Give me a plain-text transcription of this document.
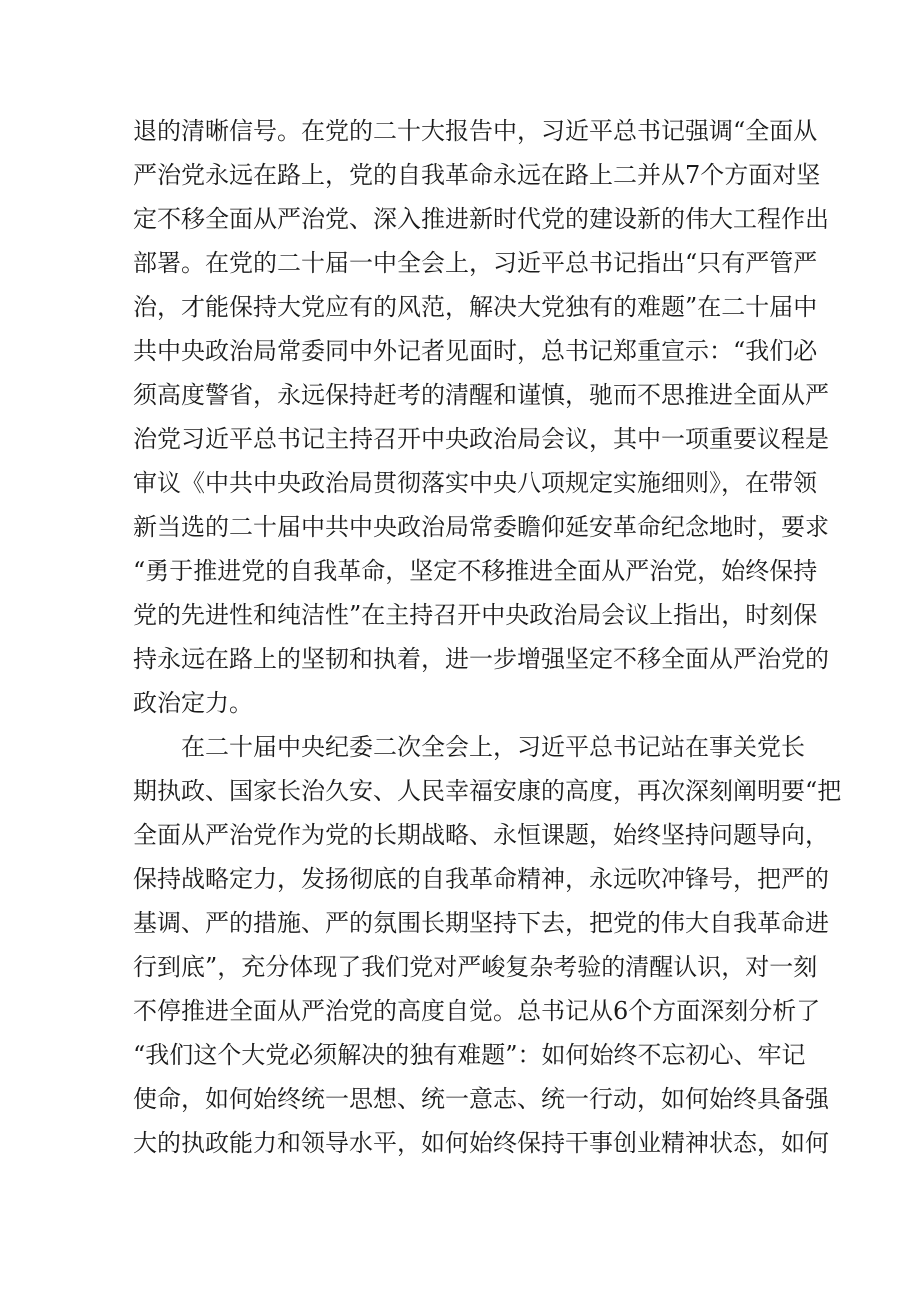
退的清晰信号。在党的二十大报告中，习近平总书记强调“全面从
严治党永远在路上，党的自我革命永远在路上二并从7个方面对坚
定不移全面从严治党、深入推进新时代党的建设新的伟大工程作出
部署。在党的二十届一中全会上，习近平总书记指出“只有严管严
治，才能保持大党应有的风范，解决大党独有的难题”在二十届中
共中央政治局常委同中外记者见面时，总书记郑重宣示：“我们必
须高度警省，永远保持赶考的清醒和谨慎，驰而不思推进全面从严
治党习近平总书记主持召开中央政治局会议，其中一项重要议程是
审议《中共中央政治局贯彻落实中央八项规定实施细则》，在带领
新当选的二十届中共中央政治局常委瞻仰延安革命纪念地时，要求
“勇于推进党的自我革命，坚定不移推进全面从严治党，始终保持
党的先进性和纯洁性”在主持召开中央政治局会议上指出，时刻保
持永远在路上的坚韧和执着，进一步增强坚定不移全面从严治党的
政治定力。
在二十届中央纪委二次全会上，习近平总书记站在事关党长
期执政、国家长治久安、人民幸福安康的高度，再次深刻阐明要“把
全面从严治党作为党的长期战略、永恒课题，始终坚持问题导向，
保持战略定力，发扬彻底的自我革命精神，永远吹冲锋号，把严的
基调、严的措施、严的氛围长期坚持下去，把党的伟大自我革命进
行到底”，充分体现了我们党对严峻复杂考验的清醒认识，对一刻
不停推进全面从严治党的高度自觉。总书记从6个方面深刻分析了
“我们这个大党必须解决的独有难题”：如何始终不忘初心、牢记
使命，如何始终统一思想、统一意志、统一行动，如何始终具备强
大的执政能力和领导水平，如何始终保持干事创业精神状态，如何
